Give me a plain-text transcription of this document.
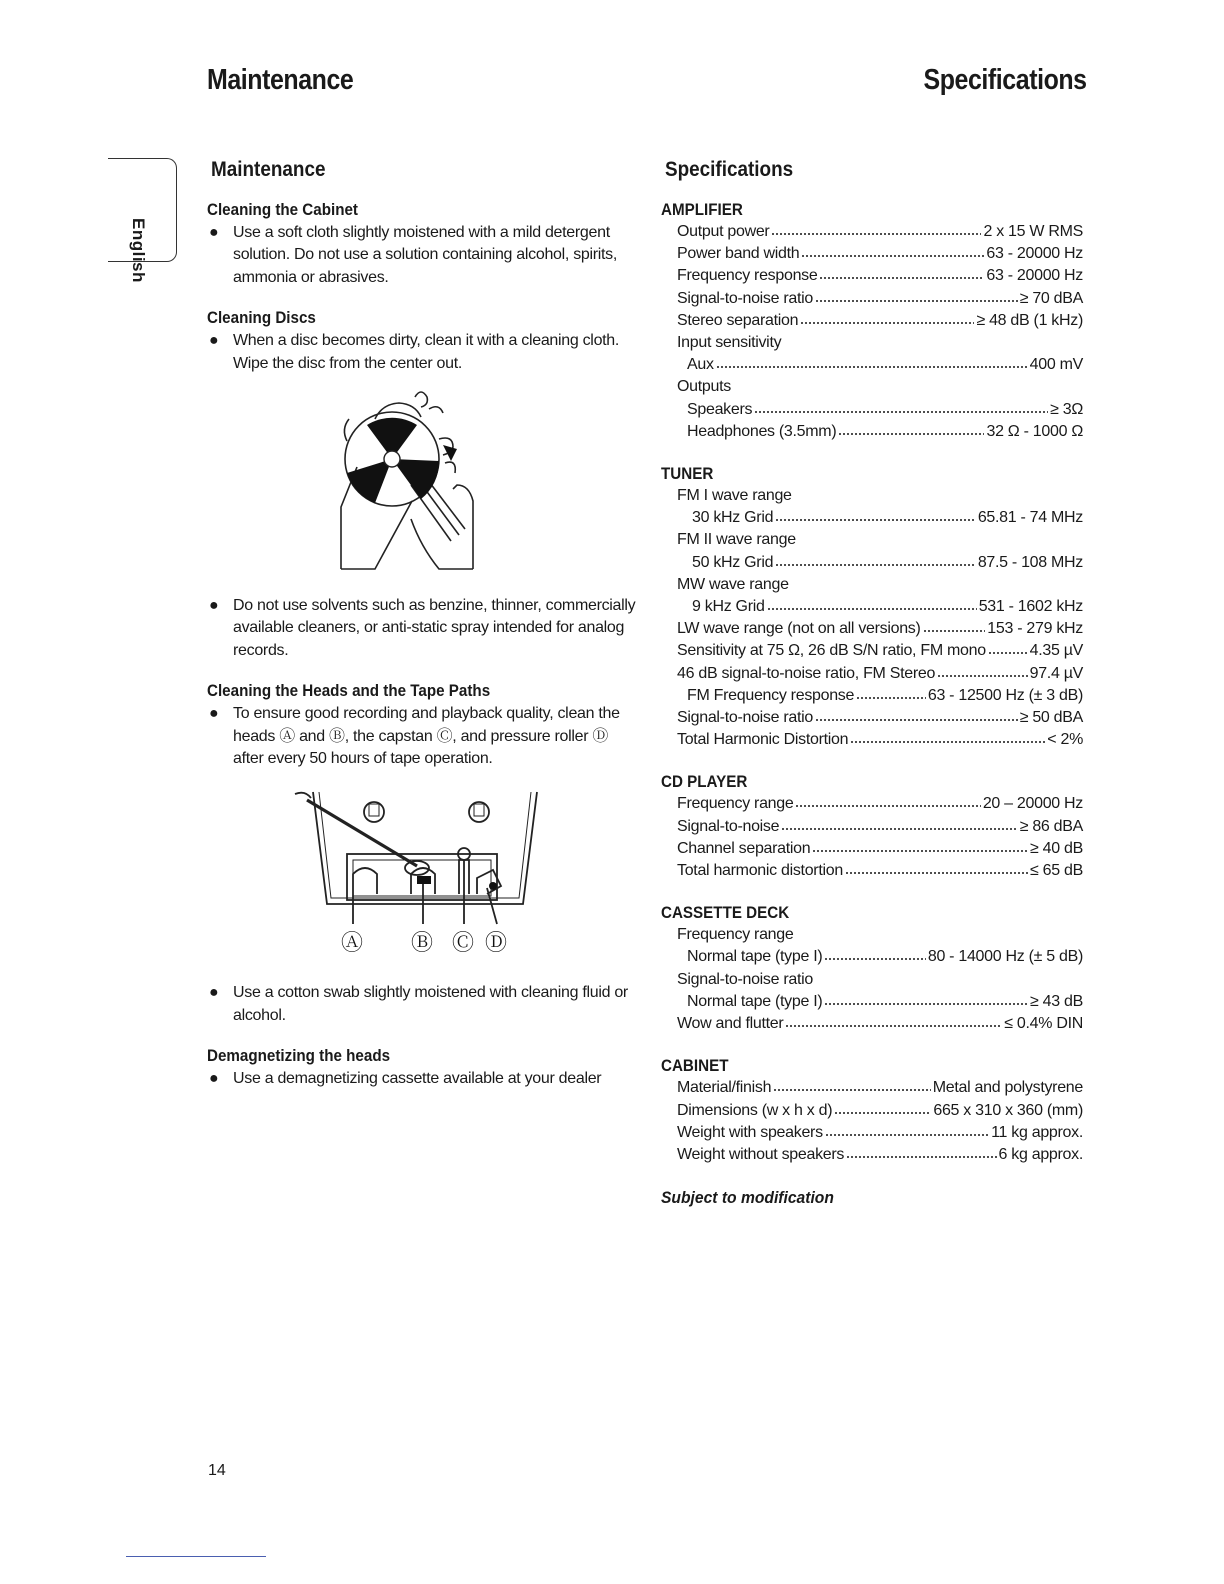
Maintenance	Specifications
English
Maintenance
Cleaning the Cabinet
● Use a soft cloth slightly moistened with a mild detergent solution. Do not use a solution containing alcohol, spirits, ammonia or abrasives.
Cleaning Discs
● When a disc becomes dirty, clean it with a cleaning cloth. Wipe the disc from the center out.
● Do not use solvents such as benzine, thinner, commercially available cleaners, or anti-static spray intended for analog records.
Cleaning the Heads and the Tape Paths
● To ensure good recording and playback quality, clean the heads Ⓐ and Ⓑ, the capstan Ⓒ, and pressure roller Ⓓ after every 50 hours of tape operation.
Ⓐ Ⓑ Ⓒ Ⓓ
● Use a cotton swab slightly moistened with cleaning fluid or alcohol.
Demagnetizing the heads
● Use a demagnetizing cassette available at your dealer
Specifications
AMPLIFIER
Output power	2 x 15 W RMS
Power band width	63 - 20000 Hz
Frequency response	63 - 20000 Hz
Signal-to-noise ratio	≥ 70 dBA
Stereo separation	≥ 48 dB (1 kHz)
Input sensitivity
Aux	400 mV
Outputs
Speakers	≥ 3Ω
Headphones (3.5mm)	32 Ω - 1000 Ω
TUNER
FM I wave range
30 kHz Grid	65.81 - 74 MHz
FM II wave range
50 kHz Grid	87.5 - 108 MHz
MW wave range
9 kHz Grid	531 - 1602 kHz
LW wave range (not on all versions)	153 - 279 kHz
Sensitivity at 75 Ω, 26 dB S/N ratio, FM mono	4.35 µV
46 dB signal-to-noise ratio, FM Stereo	97.4 µV
FM Frequency response	63 - 12500 Hz (± 3 dB)
Signal-to-noise ratio	≥ 50 dBA
Total Harmonic Distortion	< 2%
CD PLAYER
Frequency range	20 – 20000 Hz
Signal-to-noise	≥ 86 dBA
Channel separation	≥ 40 dB
Total harmonic distortion	≤ 65 dB
CASSETTE DECK
Frequency range
Normal tape (type I)	80 - 14000 Hz (± 5 dB)
Signal-to-noise ratio
Normal tape (type I)	≥ 43 dB
Wow and flutter	≤ 0.4% DIN
CABINET
Material/finish	Metal and polystyrene
Dimensions (w x h x d)	665 x 310 x 360 (mm)
Weight with speakers	11 kg approx.
Weight without speakers	6 kg approx.
Subject to modification
14
